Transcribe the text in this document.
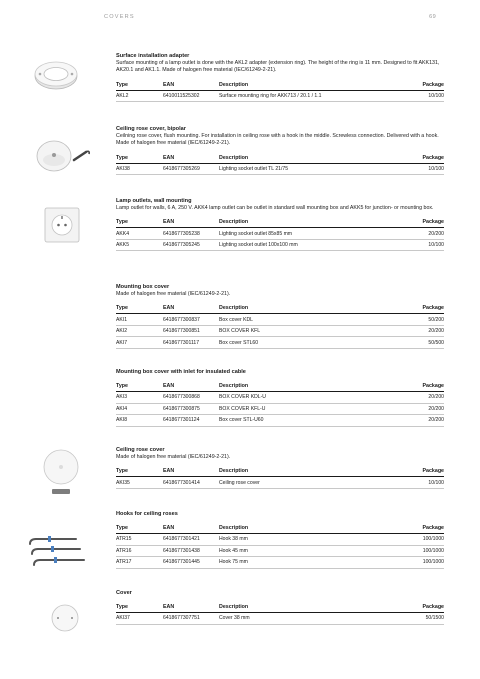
COVERS	69
Surface installation adapter

Surface mounting of a lamp outlet is done with the AKL2 adapter (extension ring). The height of the ring is 11 mm. Designed to fit AKK131, AK20.1 and AK1.1. Made of halogen free material (IEC/61249-2-21).

Type	EAN	Description	Package
AKL2	6410011525302	Surface mounting ring for AKK713 / 20.1 / 1.1	10/100
Ceiling rose cover, bipolar

Ceilning rose cover, flush mounting. For installation in ceiling rose with a hook in the middle. Screwless connection. Delivered with a hook. Made of halogen free material (IEC/61249-2-21).

Type	EAN	Description	Package
AKI38	6418677305269	Lighting socket outlet TL 21/75	10/100
Lamp outlets, wall mounting

Lamp outlet for walls, 6 A, 250 V. AKK4 lamp outlet can be outlet in standard wall mounting box and AKK5 for junction- or mounting box.

Type	EAN	Description	Package
AKK4	6418677305238	Lighting socket outlet 85x85 mm	20/200
AKK5	6418677305245	Lighting socket outlet 100x100 mm	10/100
Mounting box cover

Made of halogen free material (IEC/61249-2-21).

Type	EAN	Description	Package
AKI1	6418677300837	Box cover KDL	50/200
AKI2	6418677300851	BOX COVER KFL	20/200
AKI7	6418677301117	Box cover STL60	50/500
Mounting box cover with inlet for insulated cable
Type	EAN	Description	Package
AKI3	6418677300868	BOX COVER KDL-U	20/200
AKI4	6418677300875	BOX COVER KFL-U	20/200
AKI8	6418677301124	Box cover STL-U60	20/200
Ceiling rose cover

Made of halogen free material (IEC/61249-2-21).

Type	EAN	Description	Package
AKI35	6418677301414	Ceiling rose cover	10/100
Hooks for ceiling roses
Type	EAN	Description	Package
ATR15	6418677301421	Hook 38 mm	100/1000
ATR16	6418677301438	Hook 45 mm	100/1000
ATR17	6418677301445	Hook 75 mm	100/1000
Cover
Type	EAN	Description	Package
AKI37	6418677307751	Cover 38 mm	50/1500
